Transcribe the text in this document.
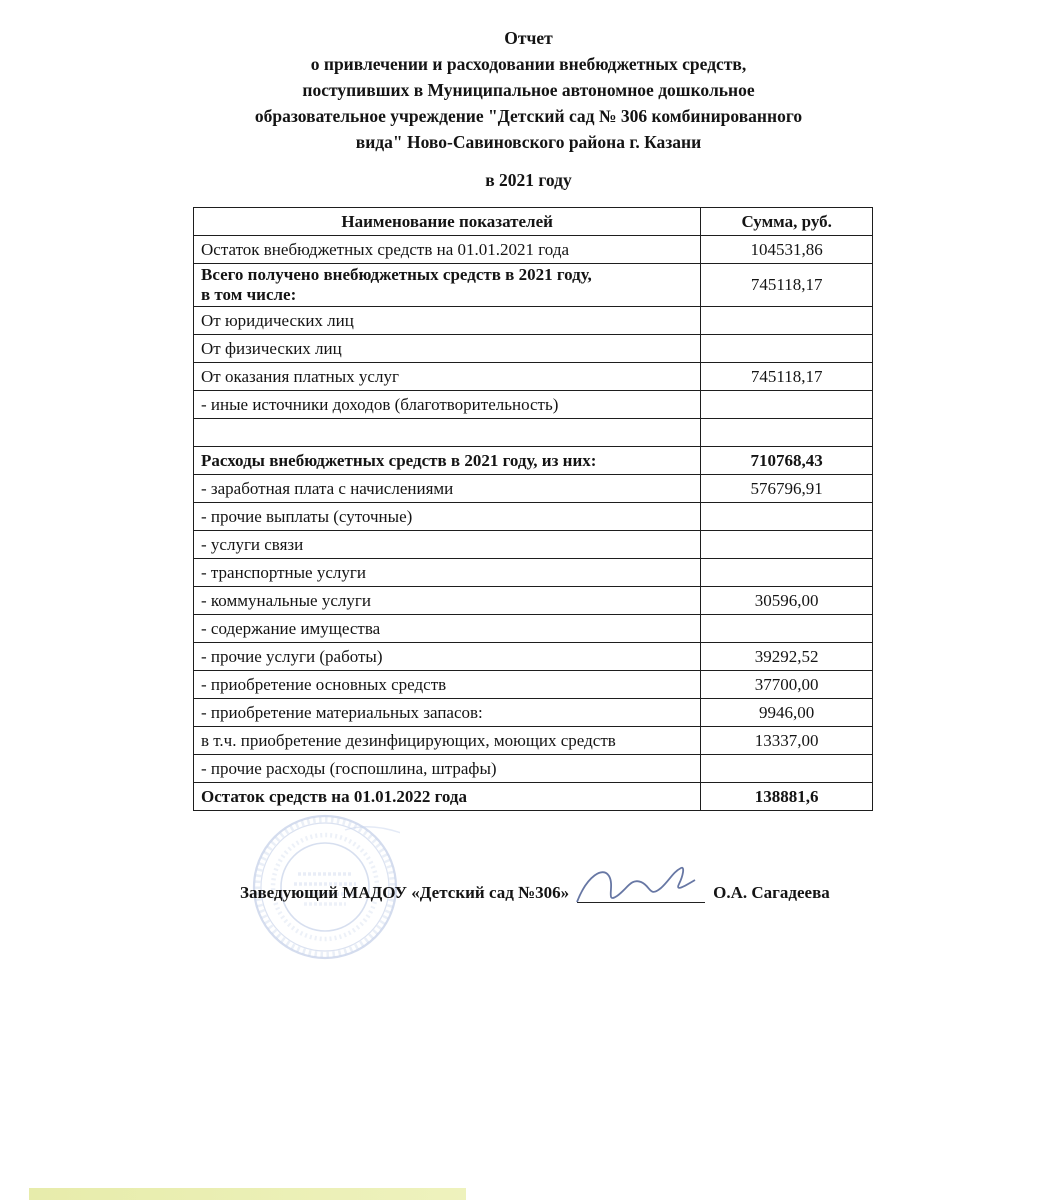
Отчет
о привлечении и расходовании внебюджетных средств,
поступивших в Муниципальное автономное дошкольное
образовательное учреждение "Детский сад № 306 комбинированного
вида" Ново-Савиновского района г. Казани
в 2021 году
Наименование показателей	Сумма, руб.
Остаток внебюджетных средств на 01.01.2021 года	104531,86

Всего получено внебюджетных средств в 2021 году,
в том числе:	745118,17
От юридических лиц	
От физических лиц	
От оказания платных услуг	745118,17
- иные источники доходов (благотворительность)	

Расходы внебюджетных средств в 2021 году, из них:	710768,43
- заработная плата с начислениями	576796,91
- прочие выплаты (суточные)	
- услуги связи	
- транспортные услуги	
- коммунальные услуги	30596,00
- содержание имущества	
- прочие услуги (работы)	39292,52
- приобретение основных средств	37700,00
- приобретение материальных запасов:	9946,00
в т.ч. приобретение дезинфицирующих, моющих средств	13337,00
- прочие расходы (госпошлина, штрафы)	
Остаток средств на 01.01.2022 года	138881,6
Заведующий МАДОУ «Детский сад №306»	О.А. Сагадеева
